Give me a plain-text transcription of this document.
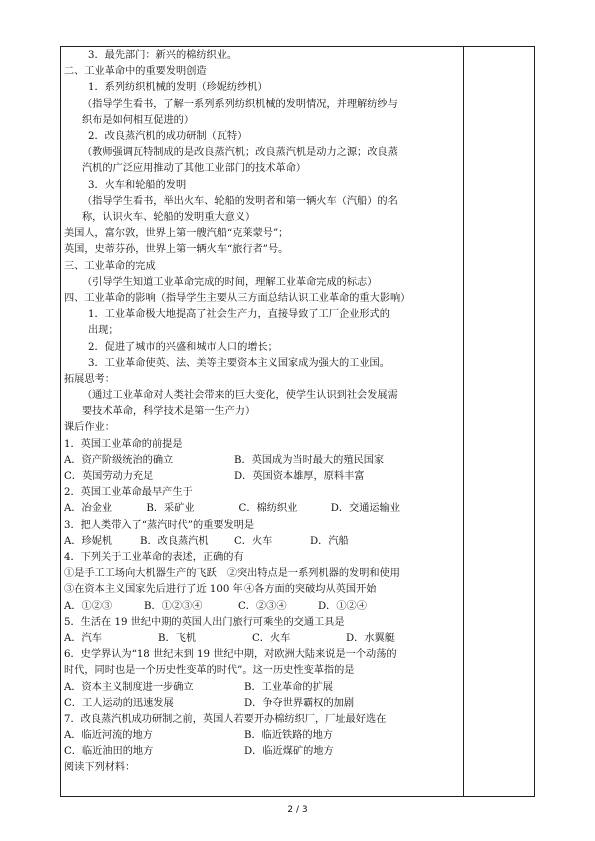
3．最先部门：新兴的棉纺织业。
二、工业革命中的重要发明创造
1．系列纺织机械的发明（珍妮纺纱机）
（指导学生看书，了解一系列系列纺织机械的发明情况，并理解纺纱与织布是如何相互促进的）
2．改良蒸汽机的成功研制（瓦特）
（教师强调瓦特制成的是改良蒸汽机；改良蒸汽机是动力之源；改良蒸汽机的广泛应用推动了其他工业部门的技术革命）
3．火车和轮船的发明
（指导学生看书，举出火车、轮船的发明者和第一辆火车（汽船）的名称，认识火车、轮船的发明重大意义）
美国人，富尔敦，世界上第一艘汽船“克莱蒙号”；
英国，史蒂芬孙，世界上第一辆火车“旅行者”号。
三、工业革命的完成
（引导学生知道工业革命完成的时间，理解工业革命完成的标志）
四、工业革命的影响（指导学生主要从三方面总结认识工业革命的重大影响）
1．工业革命极大地提高了社会生产力，直接导致了工厂企业形式的出现；
2．促进了城市的兴盛和城市人口的增长；
3．工业革命使英、法、美等主要资本主义国家成为强大的工业国。
拓展思考：
（通过工业革命对人类社会带来的巨大变化，使学生认识到社会发展需要技术革命，科学技术是第一生产力）
课后作业：
1．英国工业革命的前提是
A．资产阶级统治的确立	B．英国成为当时最大的殖民国家
C．英国劳动力充足	D．英国资本雄厚，原料丰富
2．英国工业革命最早产生于
A．冶金业	B．采矿业	C．棉纺织业	D．交通运输业
3．把人类带入了“蒸汽时代”的重要发明是
A．珍妮机	B．改良蒸汽机	C．火车	D．汽船
4．下列关于工业革命的表述，正确的有
①是手工工场向大机器生产的飞跃 ②突出特点是一系列机器的发明和使用
③在资本主义国家先后进行了近 100 年 ④各方面的突破均从英国开始
A．①②③	B．①②③④	C．②③④	D．①②④
5．生活在 19 世纪中期的英国人出门旅行可乘坐的交通工具是
A．汽车	B．飞机	C．火车	D．水翼艇
6．史学界认为“18 世纪末到 19 世纪中期，对欧洲大陆来说是一个动荡的时代，同时也是一个历史性变革的时代”。这一历史性变革指的是
A．资本主义制度进一步确立	B．工业革命的扩展
C．工人运动的迅速发展	D．争夺世界霸权的加剧
7．改良蒸汽机成功研制之前，英国人若要开办棉纺织厂，厂址最好选在
A．临近河流的地方	B．临近铁路的地方
C．临近油田的地方	D．临近煤矿的地方
阅读下列材料：
2 / 3
